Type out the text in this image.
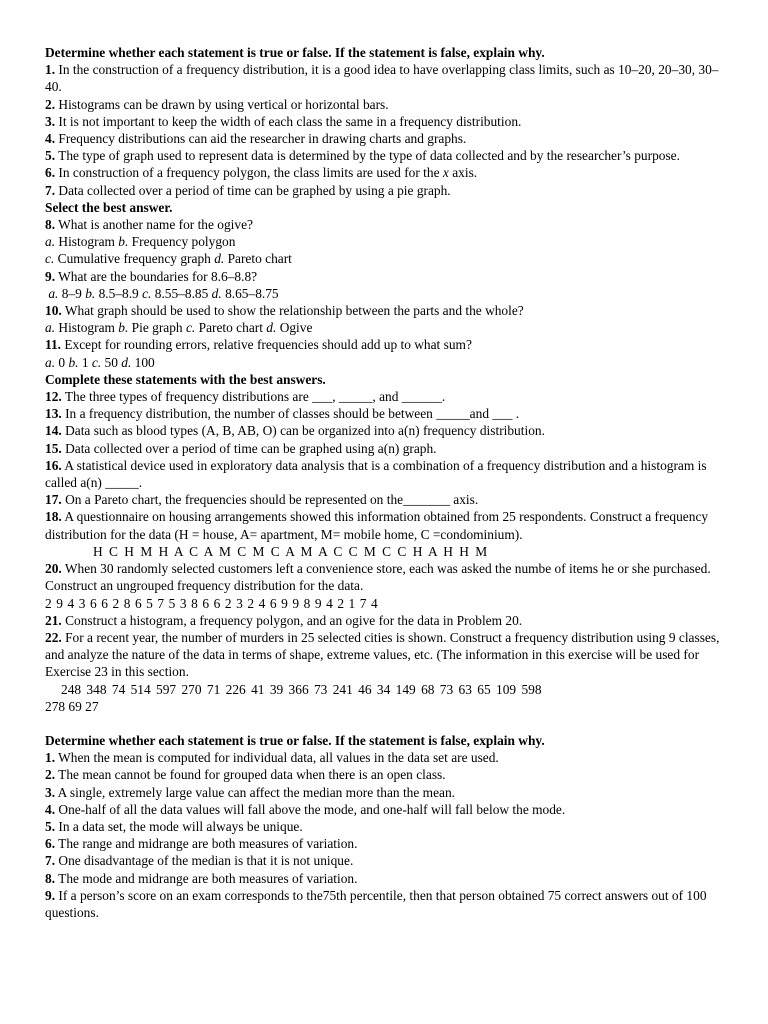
Determine whether each statement is true or false. If the statement is false, explain why.
1. In the construction of a frequency distribution, it is a good idea to have overlapping class limits, such as 10–20, 20–30, 30–40.
2. Histograms can be drawn by using vertical or horizontal bars.
3. It is not important to keep the width of each class the same in a frequency distribution.
4. Frequency distributions can aid the researcher in drawing charts and graphs.
5. The type of graph used to represent data is determined by the type of data collected and by the researcher’s purpose.
6. In construction of a frequency polygon, the class limits are used for the x axis.
7. Data collected over a period of time can be graphed by using a pie graph.
Select the best answer.
8. What is another name for the ogive?
a. Histogram b. Frequency polygon
c. Cumulative frequency graph d. Pareto chart
9. What are the boundaries for 8.6–8.8?
a. 8–9 b. 8.5–8.9 c. 8.55–8.85 d. 8.65–8.75
10. What graph should be used to show the relationship between the parts and the whole?
a. Histogram b. Pie graph c. Pareto chart d. Ogive
11. Except for rounding errors, relative frequencies should add up to what sum?
a. 0 b. 1 c. 50 d. 100
Complete these statements with the best answers.
12. The three types of frequency distributions are ___, _____, and ______.
13. In a frequency distribution, the number of classes should be between _____and ___ .
14. Data such as blood types (A, B, AB, O) can be organized into a(n) frequency distribution.
15. Data collected over a period of time can be graphed using a(n) graph.
16. A statistical device used in exploratory data analysis that is a combination of a frequency distribution and a histogram is called a(n) _____.
17. On a Pareto chart, the frequencies should be represented on the_______ axis.
18. A questionnaire on housing arrangements showed this information obtained from 25 respondents. Construct a frequency distribution for the data (H = house, A= apartment, M= mobile home, C =condominium).
H C H M H A C A M C M C A M A C C M C C H A H H M
20. When 30 randomly selected customers left a convenience store, each was asked the numbe of items he or she purchased. Construct an ungrouped frequency distribution for the data.
2 9 4 3 6 6 2 8 6 5 7 5 3 8 6 6 2 3 2 4 6 9 9 8 9 4 2 1 7 4
21. Construct a histogram, a frequency polygon, and an ogive for the data in Problem 20.
22. For a recent year, the number of murders in 25 selected cities is shown. Construct a frequency distribution using 9 classes, and analyze the nature of the data in terms of shape, extreme values, etc. (The information in this exercise will be used for Exercise 23 in this section.
248 348 74 514 597 270 71 226 41 39 366 73 241 46 34 149 68 73 63 65 109 598
278 69 27
Determine whether each statement is true or false. If the statement is false, explain why.
1. When the mean is computed for individual data, all values in the data set are used.
2. The mean cannot be found for grouped data when there is an open class.
3. A single, extremely large value can affect the median more than the mean.
4. One-half of all the data values will fall above the mode, and one-half will fall below the mode.
5. In a data set, the mode will always be unique.
6. The range and midrange are both measures of variation.
7. One disadvantage of the median is that it is not unique.
8. The mode and midrange are both measures of variation.
9. If a person’s score on an exam corresponds to the75th percentile, then that person obtained 75 correct answers out of 100 questions.
